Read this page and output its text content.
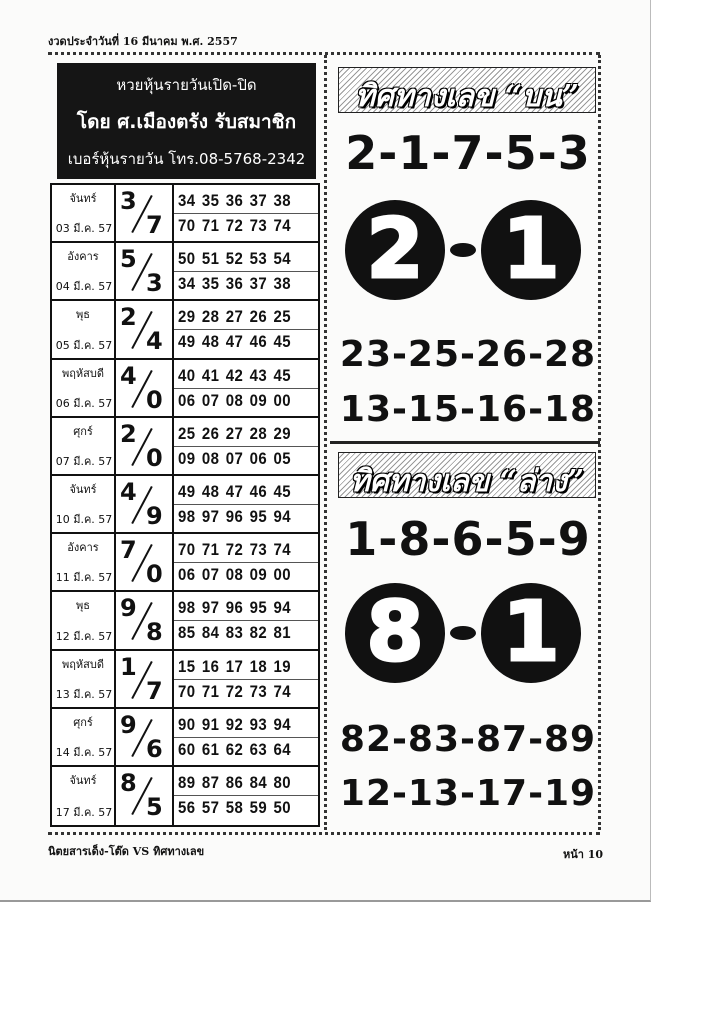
งวดประจำวันที่ 16 มีนาคม พ.ศ. 2557
หวยหุ้นรายวันเปิด-ปิด
โดย ศ.เมืองตรัง รับสมาชิก
เบอร์หุ้นรายวัน โทร.08-5768-2342
จันทร์
03 มี.ค. 57
3
7
34 35 36 37 38
70 71 72 73 74
อังคาร
04 มี.ค. 57
5
3
50 51 52 53 54
34 35 36 37 38
พุธ
05 มี.ค. 57
2
4
29 28 27 26 25
49 48 47 46 45
พฤหัสบดี
06 มี.ค. 57
4
0
40 41 42 43 45
06 07 08 09 00
ศุกร์
07 มี.ค. 57
2
0
25 26 27 28 29
09 08 07 06 05
จันทร์
10 มี.ค. 57
4
9
49 48 47 46 45
98 97 96 95 94
อังคาร
11 มี.ค. 57
7
0
70 71 72 73 74
06 07 08 09 00
พุธ
12 มี.ค. 57
9
8
98 97 96 95 94
85 84 83 82 81
พฤหัสบดี
13 มี.ค. 57
1
7
15 16 17 18 19
70 71 72 73 74
ศุกร์
14 มี.ค. 57
9
6
90 91 92 93 94
60 61 62 63 64
จันทร์
17 มี.ค. 57
8
5
89 87 86 84 80
56 57 58 59 50
ทิศทางเลข “บน”
2-1-7-5-3
2 1
23-25-26-28
13-15-16-18
ทิศทางเลข “ล่าง”
1-8-6-5-9
8 1
82-83-87-89
12-13-17-19
นิตยสารเด็ง-โต๊ด VS ทิศทางเลข	หน้า 10
